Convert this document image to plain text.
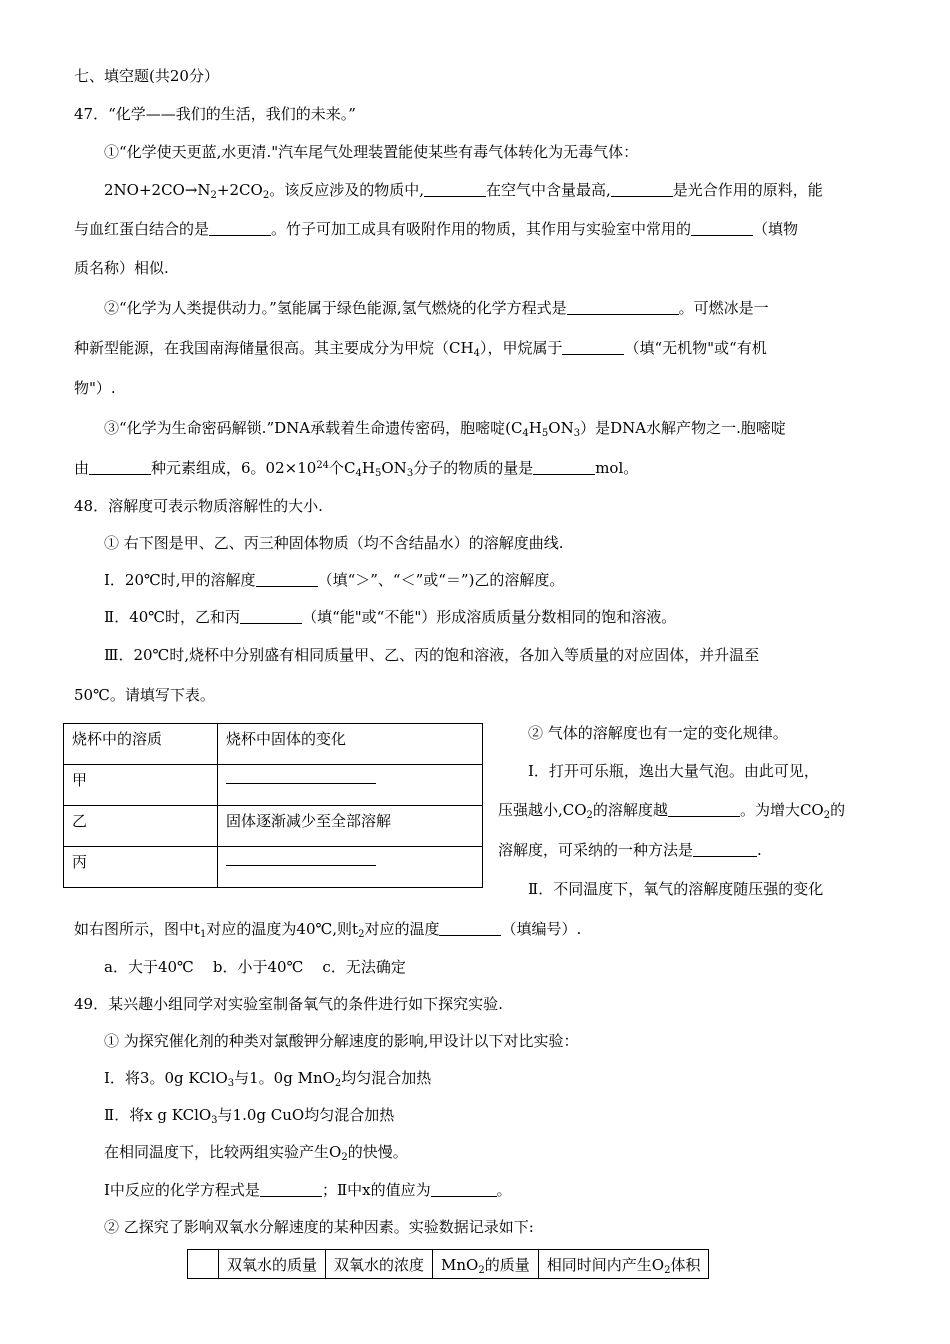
七、填空题(共20分）
47．“化学——我们的生活，我们的未来。”
①“化学使天更蓝,水更清."汽车尾气处理装置能使某些有毒气体转化为无毒气体：
$2NO+2CO\to N_2+2CO_2$。该反应涉及的物质中,	在空气中含量最高,	是光合作用的原料，能
与血红蛋白结合的是	。竹子可加工成具有吸附作用的物质，其作用与实验室中常用的	（填物
质名称）相似.
②“化学为人类提供动力。”氢能属于绿色能源,氢气燃烧的化学方程式是	。可燃冰是一
种新型能源，在我国南海储量很高。其主要成分为甲烷$(CH_4)$，甲烷属于	（填“无机物"或“有机
物"）.
③“化学为生命密码解锁.”DNA承载着生命遗传密码，胞嘧啶$(C_4H_5ON_3)$是DNA水解产物之一.胞嘧啶
由	种元素组成，6。$02\times 10^{24}$个$C_4H_5ON_3$分子的物质的量是	mol。
48．溶解度可表示物质溶解性的大小.
① 右下图是甲、乙、丙三种固体物质（均不含结晶水）的溶解度曲线.
Ⅰ．20℃时,甲的溶解度	（填“＞”、“＜”或“＝”)乙的溶解度。
Ⅱ．40℃时，乙和丙	（填“能"或“不能"）形成溶质质量分数相同的饱和溶液。
Ⅲ．20℃时,烧杯中分别盛有相同质量甲、乙、丙的饱和溶液，各加入等质量的对应固体，并升温至
50℃。请填写下表。
烧杯中的溶质	烧杯中固体的变化
甲	
乙	固体逐渐减少至全部溶解
丙	
② 气体的溶解度也有一定的变化规律。
Ⅰ．打开可乐瓶，逸出大量气泡。由此可见，
压强越小$,CO_2$的溶解度越	。为增大$CO_2$的
溶解度，可采纳的一种方法是	.
Ⅱ．不同温度下，氧气的溶解度随压强的变化
如右图所示，图中$t_1$对应的温度为40℃,则$t_2$对应的温度	（填编号）.
a．大于40℃    b．小于40℃    c．无法确定
49．某兴趣小组同学对实验室制备氧气的条件进行如下探究实验.
① 为探究催化剂的种类对氯酸钾分解速度的影响,甲设计以下对比实验：
Ⅰ．将3。0g KClO$_3$与1。0g MnO$_2$均匀混合加热
Ⅱ．将x g KClO$_3$与1.0g CuO均匀混合加热
在相同温度下，比较两组实验产生$O_2$的快慢。
Ⅰ中反应的化学方程式是	；Ⅱ中x的值应为	。
② 乙探究了影响双氧水分解速度的某种因素。实验数据记录如下:
	双氧水的质量	双氧水的浓度	MnO$_2$的质量	相同时间内产生$O_2$体积
